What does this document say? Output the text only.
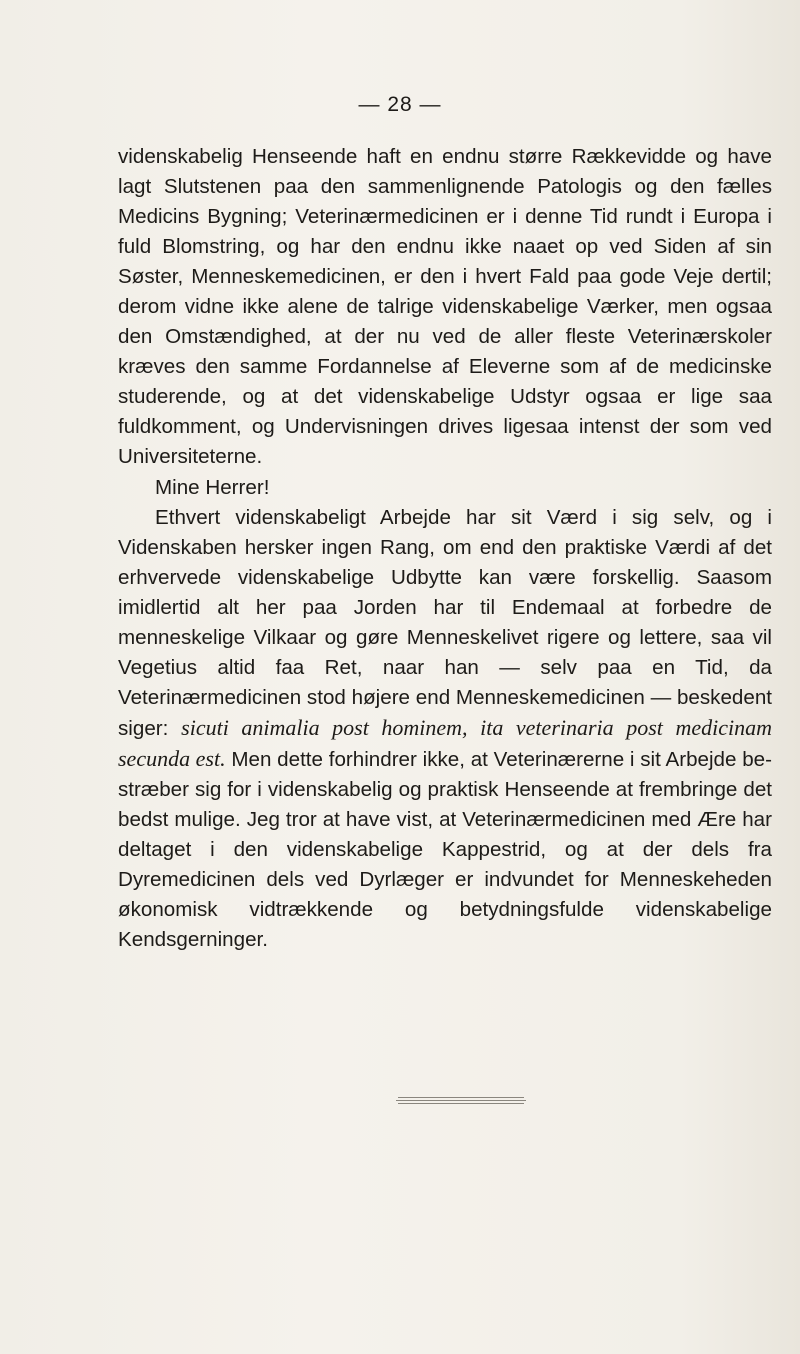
— 28 —

videnskabelig Henseende haft en endnu større Rækkevidde og have lagt Slutstenen paa den sammenlignende Patologis og den fælles Medicins Bygning; Veterinærmedicinen er i denne Tid rundt i Europa i fuld Blomstring, og har den endnu ikke naaet op ved Siden af sin Søster, Menneskemedicinen, er den i hvert Fald paa gode Veje dertil; derom vidne ikke alene de talrige videnskabelige Værker, men ogsaa den Omstændighed, at der nu ved de aller fleste Veterinærskoler kræves den samme Fordannelse af Eleverne som af de medicinske studerende, og at det videnskabelige Udstyr ogsaa er lige saa fuldkomment, og Undervisningen drives ligesaa intenst der som ved Universiteterne.

Mine Herrer!

Ethvert videnskabeligt Arbejde har sit Værd i sig selv, og i Videnskaben hersker ingen Rang, om end den praktiske Værdi af det erhvervede videnskabelige Udbytte kan være forskellig. Saasom imidlertid alt her paa Jorden har til Endemaal at forbedre de menneskelige Vilkaar og gøre Menneskelivet rigere og lettere, saa vil Vegetius altid faa Ret, naar han — selv paa en Tid, da Veterinærmedicinen stod højere end Menneskemedicinen — beskedent siger: sicuti animalia post hominem, ita veterinaria post medicinam secunda est. Men dette forhindrer ikke, at Veterinærerne i sit Arbejde bestræber sig for i videnskabelig og praktisk Henseende at frembringe det bedst mulige. Jeg tror at have vist, at Veterinærmedicinen med Ære har deltaget i den videnskabelige Kappestrid, og at der dels fra Dyremedicinen dels ved Dyrlæger er indvundet for Menneskeheden økonomisk vidtrækkende og betydningsfulde videnskabelige Kendsgerninger.
